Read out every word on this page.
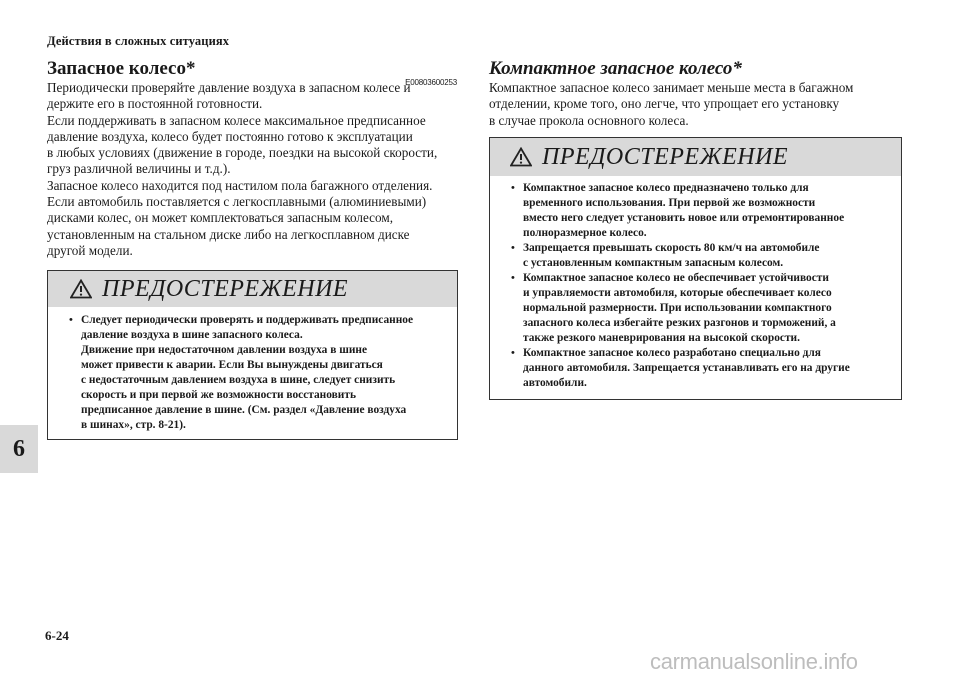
Действия в сложных ситуациях
6
Запасное колесо*
E00803600253

Периодически проверяйте давление воздуха в запасном колесе и
держите его в постоянной готовности.
Если поддерживать в запасном колесе максимальное предписанное
давление воздуха, колесо будет постоянно готово к эксплуатации
в любых условиях (движение в городе, поездки на высокой скорости,
груз различной величины и т.д.).
Запасное колесо находится под настилом пола багажного отделения.
Если автомобиль поставляется с легкосплавными (алюминиевыми)
дисками колес, он может комплектоваться запасным колесом,
установленным на стальном диске либо на легкосплавном диске
другой модели.

ПРЕДОСТЕРЕЖЕНИЕ
• Следует периодически проверять и поддерживать предписанное
давление воздуха в шине запасного колеса.
Движение при недостаточном давлении воздуха в шине
может привести к аварии. Если Вы вынуждены двигаться
с недостаточным давлением воздуха в шине, следует снизить
скорость и при первой же возможности восстановить
предписанное давление в шине. (См. раздел «Давление воздуха
в шинах», стр. 8-21).
Компактное запасное колесо*

Компактное запасное колесо занимает меньше места в багажном
отделении, кроме того, оно легче, что упрощает его установку
в случае прокола основного колеса.

ПРЕДОСТЕРЕЖЕНИЕ
• Компактное запасное колесо предназначено только для
временного использования. При первой же возможности
вместо него следует установить новое или отремонтированное
полноразмерное колесо.
• Запрещается превышать скорость 80 км/ч на автомобиле
с установленным компактным запасным колесом.
• Компактное запасное колесо не обеспечивает устойчивости
и управляемости автомобиля, которые обеспечивает колесо
нормальной размерности. При использовании компактного
запасного колеса избегайте резких разгонов и торможений, а
также резкого маневрирования на высокой скорости.
• Компактное запасное колесо разработано специально для
данного автомобиля. Запрещается устанавливать его на другие
автомобили.
6-24
carmanualsonline.info
